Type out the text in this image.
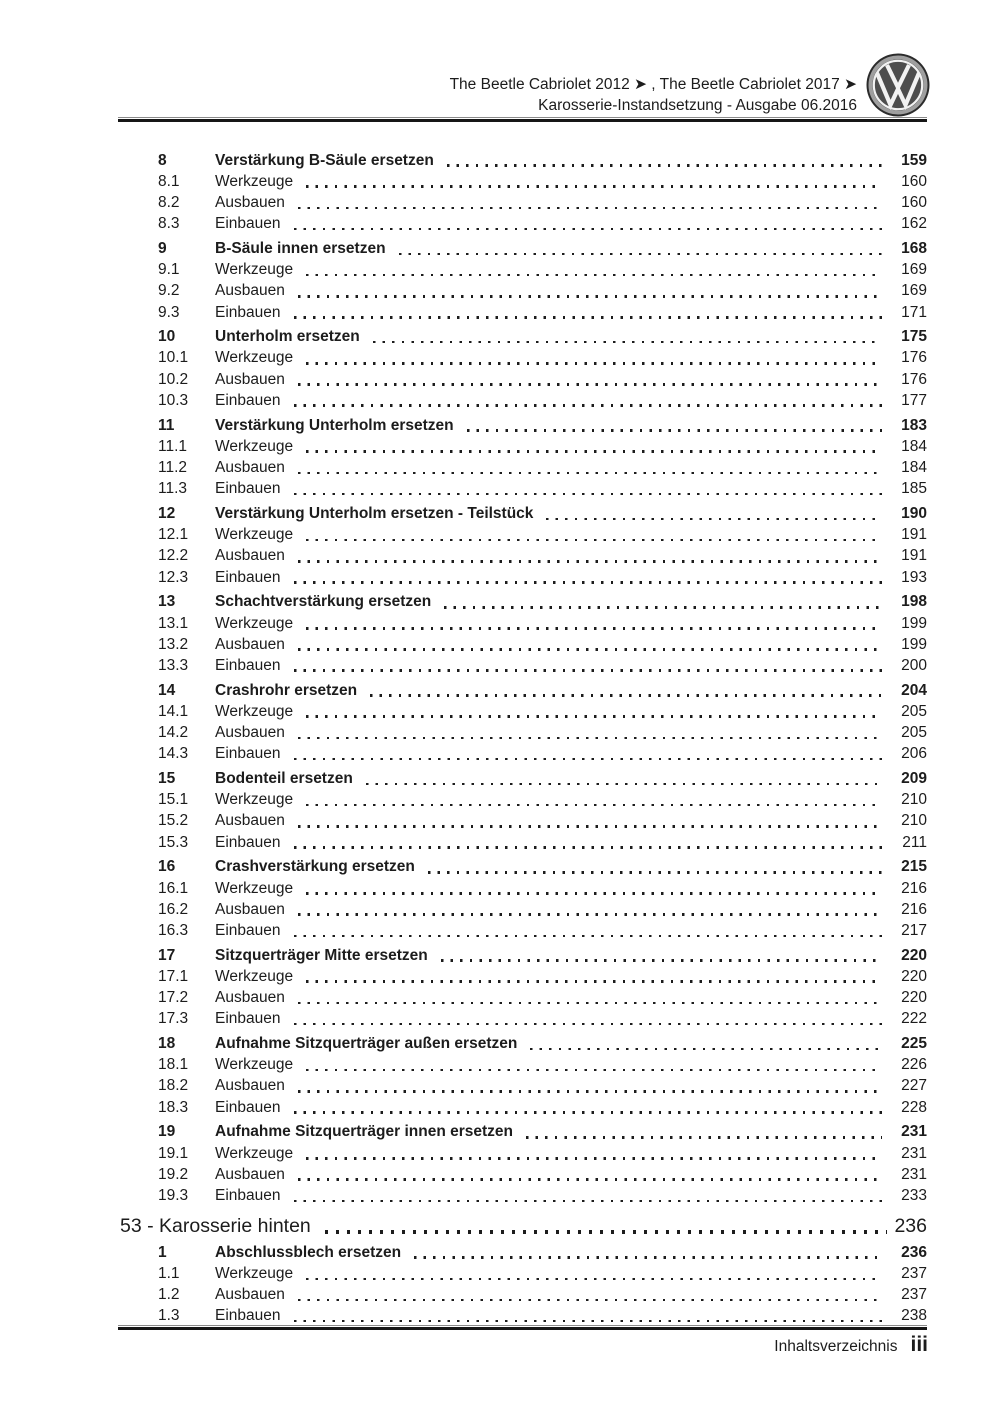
The Beetle Cabriolet 2012 ➤ , The Beetle Cabriolet 2017 ➤
Karosserie-Instandsetzung - Ausgabe 06.2016
8	Verstärkung B-Säule ersetzen	159
8.1	Werkzeuge	160
8.2	Ausbauen	160
8.3	Einbauen	162
9	B-Säule innen ersetzen	168
9.1	Werkzeuge	169
9.2	Ausbauen	169
9.3	Einbauen	171
10	Unterholm ersetzen	175
10.1	Werkzeuge	176
10.2	Ausbauen	176
10.3	Einbauen	177
11	Verstärkung Unterholm ersetzen	183
11.1	Werkzeuge	184
11.2	Ausbauen	184
11.3	Einbauen	185
12	Verstärkung Unterholm ersetzen - Teilstück	190
12.1	Werkzeuge	191
12.2	Ausbauen	191
12.3	Einbauen	193
13	Schachtverstärkung ersetzen	198
13.1	Werkzeuge	199
13.2	Ausbauen	199
13.3	Einbauen	200
14	Crashrohr ersetzen	204
14.1	Werkzeuge	205
14.2	Ausbauen	205
14.3	Einbauen	206
15	Bodenteil ersetzen	209
15.1	Werkzeuge	210
15.2	Ausbauen	210
15.3	Einbauen	211
16	Crashverstärkung ersetzen	215
16.1	Werkzeuge	216
16.2	Ausbauen	216
16.3	Einbauen	217
17	Sitzquerträger Mitte ersetzen	220
17.1	Werkzeuge	220
17.2	Ausbauen	220
17.3	Einbauen	222
18	Aufnahme Sitzquerträger außen ersetzen	225
18.1	Werkzeuge	226
18.2	Ausbauen	227
18.3	Einbauen	228
19	Aufnahme Sitzquerträger innen ersetzen	231
19.1	Werkzeuge	231
19.2	Ausbauen	231
19.3	Einbauen	233
53 - Karosserie hinten	236
1	Abschlussblech ersetzen	236
1.1	Werkzeuge	237
1.2	Ausbauen	237
1.3	Einbauen	238
Inhaltsverzeichnis iii
